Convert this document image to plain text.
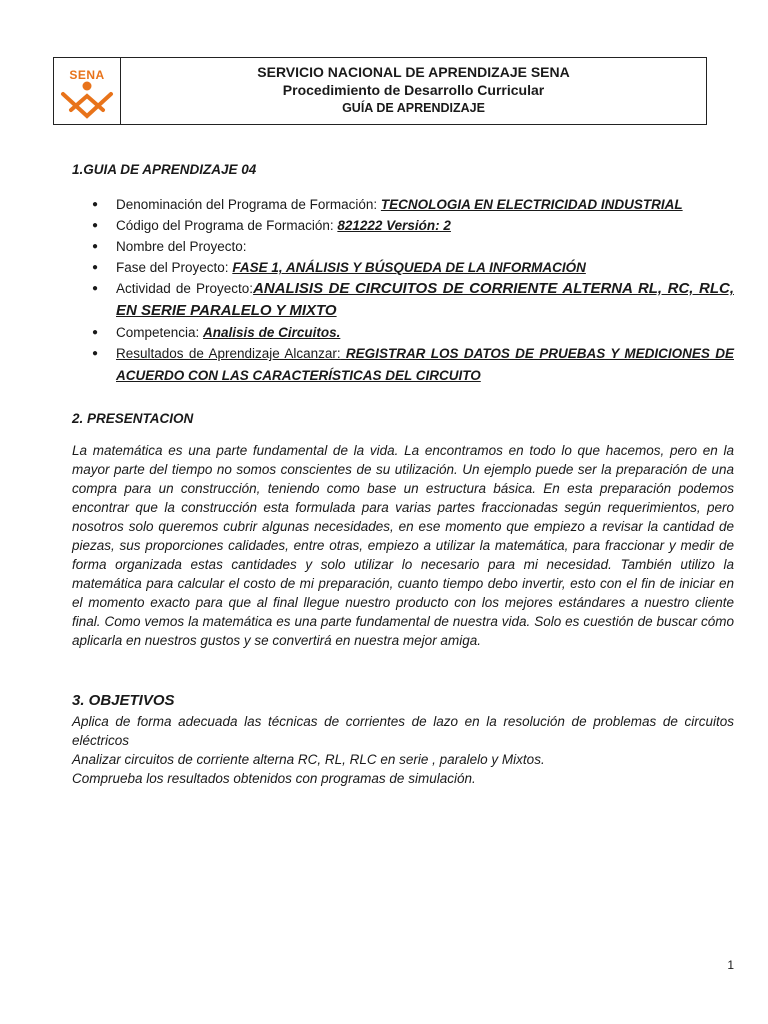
SENA	SERVICIO NACIONAL DE APRENDIZAJE SENA
Procedimiento de Desarrollo Curricular
GUÍA DE APRENDIZAJE
1.GUIA DE APRENDIZAJE 04
● Denominación del Programa de Formación: TECNOLOGIA EN ELECTRICIDAD INDUSTRIAL
● Código del Programa de Formación: 821222 Versión: 2
● Nombre del Proyecto:
● Fase del Proyecto: FASE 1, ANÁLISIS Y BÚSQUEDA DE LA INFORMACIÓN
● Actividad de Proyecto:ANALISIS DE CIRCUITOS DE CORRIENTE ALTERNA RL, RC, RLC, EN SERIE PARALELO Y MIXTO
● Competencia: Analisis de Circuitos.
● Resultados de Aprendizaje Alcanzar: REGISTRAR LOS DATOS DE PRUEBAS Y MEDICIONES DE ACUERDO CON LAS CARACTERÍSTICAS DEL CIRCUITO
2. PRESENTACION

La matemática es una parte fundamental de la vida. La encontramos en todo lo que hacemos, pero en la mayor parte del tiempo no somos conscientes de su utilización. Un ejemplo puede ser la preparación de una compra para un construcción, teniendo como base un estructura básica. En esta preparación podemos encontrar que la construcción esta formulada para varias partes fraccionadas según requerimientos, pero nosotros solo queremos cubrir algunas necesidades, en ese momento que empiezo a revisar la cantidad de piezas, sus proporciones calidades, entre otras, empiezo a utilizar la matemática, para fraccionar y medir de forma organizada estas cantidades y solo utilizar lo necesario para mi necesidad. También utilizo la matemática para calcular el costo de mi preparación, cuanto tiempo debo invertir, esto con el fin de iniciar en el momento exacto para que al final llegue nuestro producto con los mejores estándares a nuestro cliente final. Como vemos la matemática es una parte fundamental de nuestra vida. Solo es cuestión de buscar cómo aplicarla en nuestros gustos y se convertirá en nuestra mejor amiga.

3. OBJETIVOS

Aplica de forma adecuada las técnicas de corrientes de lazo en la resolución de problemas de circuitos eléctricos

Analizar circuitos de corriente alterna RC, RL, RLC en serie , paralelo y Mixtos.

Comprueba los resultados obtenidos con programas de simulación.

1
